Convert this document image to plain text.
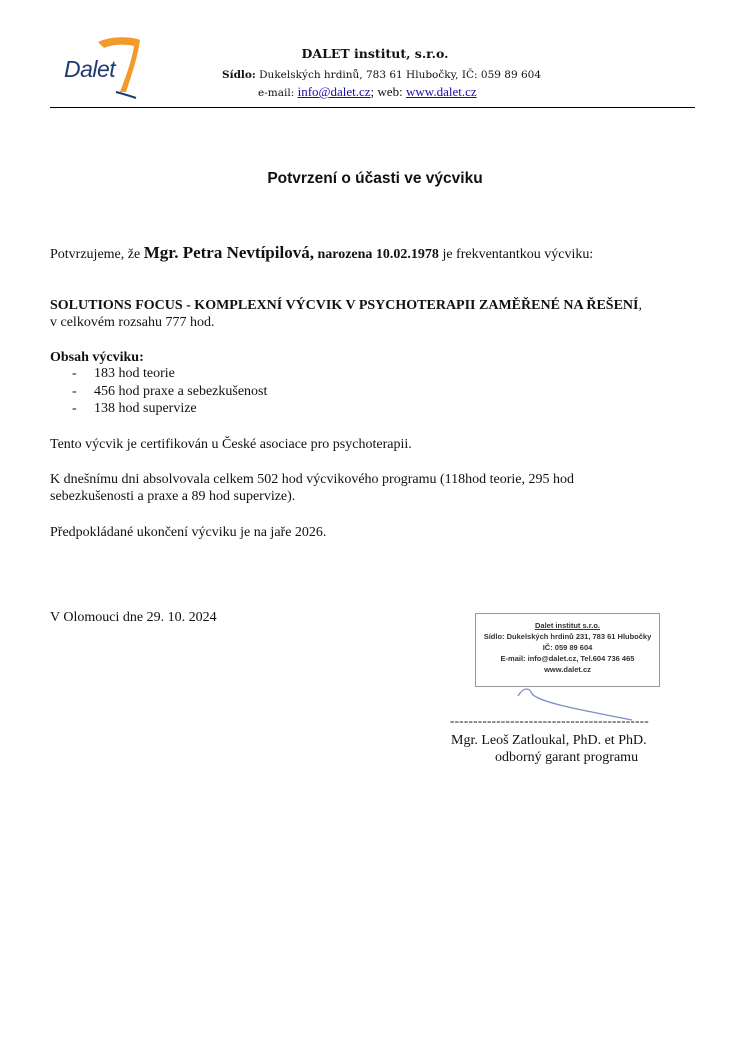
Dalet
DALET institut, s.r.o.
Sídlo: Dukelských hrdinů, 783 61 Hlubočky, IČ: 059 89 604
e-mail: info@dalet.cz; web: www.dalet.cz
Potvrzení o účasti ve výcviku
Potvrzujeme, že Mgr. Petra Nevtípilová, narozena 10.02.1978 je frekventantkou výcviku:
SOLUTIONS FOCUS - KOMPLEXNÍ VÝCVIK V PSYCHOTERAPII ZAMĚŘENÉ NA ŘEŠENÍ,
v celkovém rozsahu 777 hod.
Obsah výcviku:
- 183 hod teorie
- 456 hod praxe a sebezkušenost
- 138 hod supervize
Tento výcvik je certifikován u České asociace pro psychoterapii.
K dnešnímu dni absolvovala celkem 502 hod výcvikového programu (118hod teorie, 295 hod
sebezkušenosti a praxe a 89 hod supervize).
Předpokládané ukončení výcviku je na jaře 2026.
V Olomouci dne 29. 10. 2024
Dalet institut s.r.o.
Sídlo: Dukelských hrdinů 231, 783 61 Hlubočky
IČ: 059 89 604
E-mail: info@dalet.cz, Tel.604 736 465
www.dalet.cz
-------------------------------------------
Mgr. Leoš Zatloukal, PhD. et PhD.
odborný garant programu
